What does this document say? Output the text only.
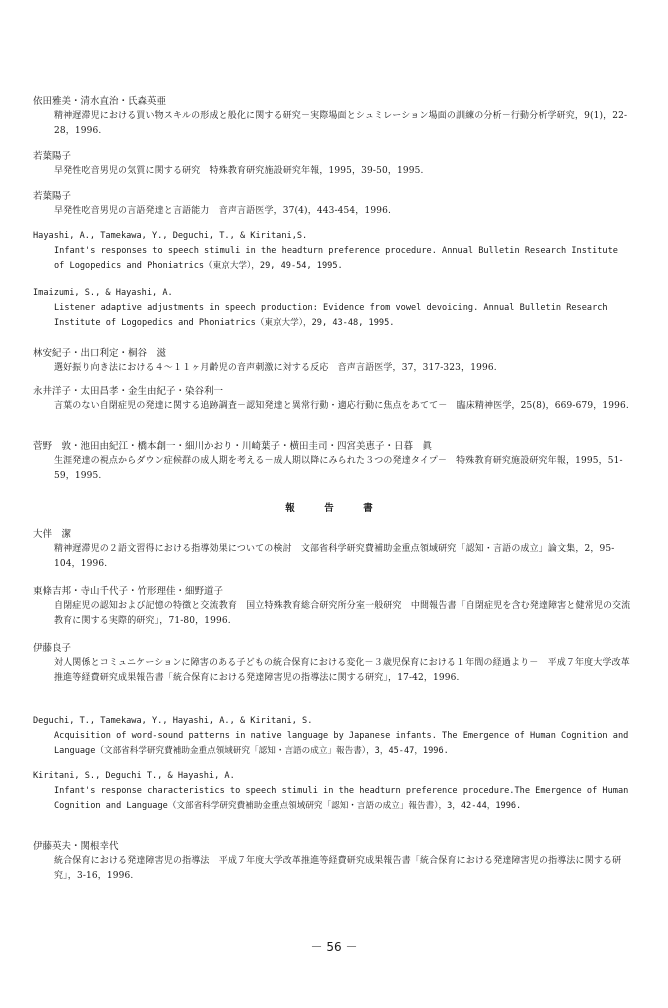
依田雅美・清水直治・氏森英亜
精神遅滞児における買い物スキルの形成と般化に関する研究－実際場面とシュミレーション場面の訓練の分析－行動分析学研究，9(1)，22-28，1996.
若葉陽子
早発性吃音男児の気質に関する研究　特殊教育研究施設研究年報，1995，39-50，1995.
若葉陽子
早発性吃音男児の言語発達と言語能力　音声言語医学，37(4)，443-454，1996.
Hayashi, A., Tamekawa, Y., Deguchi, T., & Kiritani,S.
Infant's responses to speech stimuli in the headturn preference procedure. Annual Bulletin Research Institute of Logopedics and Phoniatrics（東京大学），29, 49-54, 1995.
Imaizumi, S., & Hayashi, A.
Listener adaptive adjustments in speech production: Evidence from vowel devoicing. Annual Bulletin Research Institute of Logopedics and Phoniatrics（東京大学），29, 43-48, 1995.
林安紀子・出口利定・桐谷　滋
選好振り向き法における４～１１ヶ月齢児の音声刺激に対する反応　音声言語医学，37，317-323，1996.
永井洋子・太田昌孝・金生由紀子・染谷利一
言葉のない自閉症児の発達に関する追跡調査－認知発達と異常行動・適応行動に焦点をあてて－　臨床精神医学，25(8)，669-679，1996.
菅野　敦・池田由紀江・橋本創一・細川かおり・川崎葉子・横田圭司・四宮美恵子・日暮　眞
生涯発達の視点からダウン症候群の成人期を考える－成人期以降にみられた３つの発達タイプ－　特殊教育研究施設研究年報，1995，51-59，1995.
報　告　書
大伴　潔
精神遅滞児の２語文習得における指導効果についての検討　文部省科学研究費補助金重点領域研究「認知・言語の成立」論文集，2，95-104，1996.
東條吉邦・寺山千代子・竹形理佳・細野道子
自閉症児の認知および記憶の特徴と交流教育　国立特殊教育総合研究所分室一般研究　中間報告書「自閉症児を含む発達障害と健常児の交流教育に関する実際的研究」，71-80，1996.
伊藤良子
対人関係とコミュニケーションに障害のある子どもの統合保育における変化－３歳児保育における１年間の経過より－　平成７年度大学改革推進等経費研究成果報告書「統合保育における発達障害児の指導法に関する研究」，17-42，1996.
Deguchi, T., Tamekawa, Y., Hayashi, A., & Kiritani, S.
Acquisition of word-sound patterns in native language by Japanese infants. The Emergence of Human Cognition and Language（文部省科学研究費補助金重点領域研究「認知・言語の成立」報告書），3，45-47，1996.
Kiritani, S., Deguchi T., & Hayashi, A.
Infant's response characteristics to speech stimuli in the headturn preference procedure.The Emergence of Human Cognition and Language（文部省科学研究費補助金重点領域研究「認知・言語の成立」報告書），3，42-44，1996.
伊藤英夫・関根幸代
統合保育における発達障害児の指導法　平成７年度大学改革推進等経費研究成果報告書「統合保育における発達障害児の指導法に関する研究」，3-16，1996.
－ 56 －
